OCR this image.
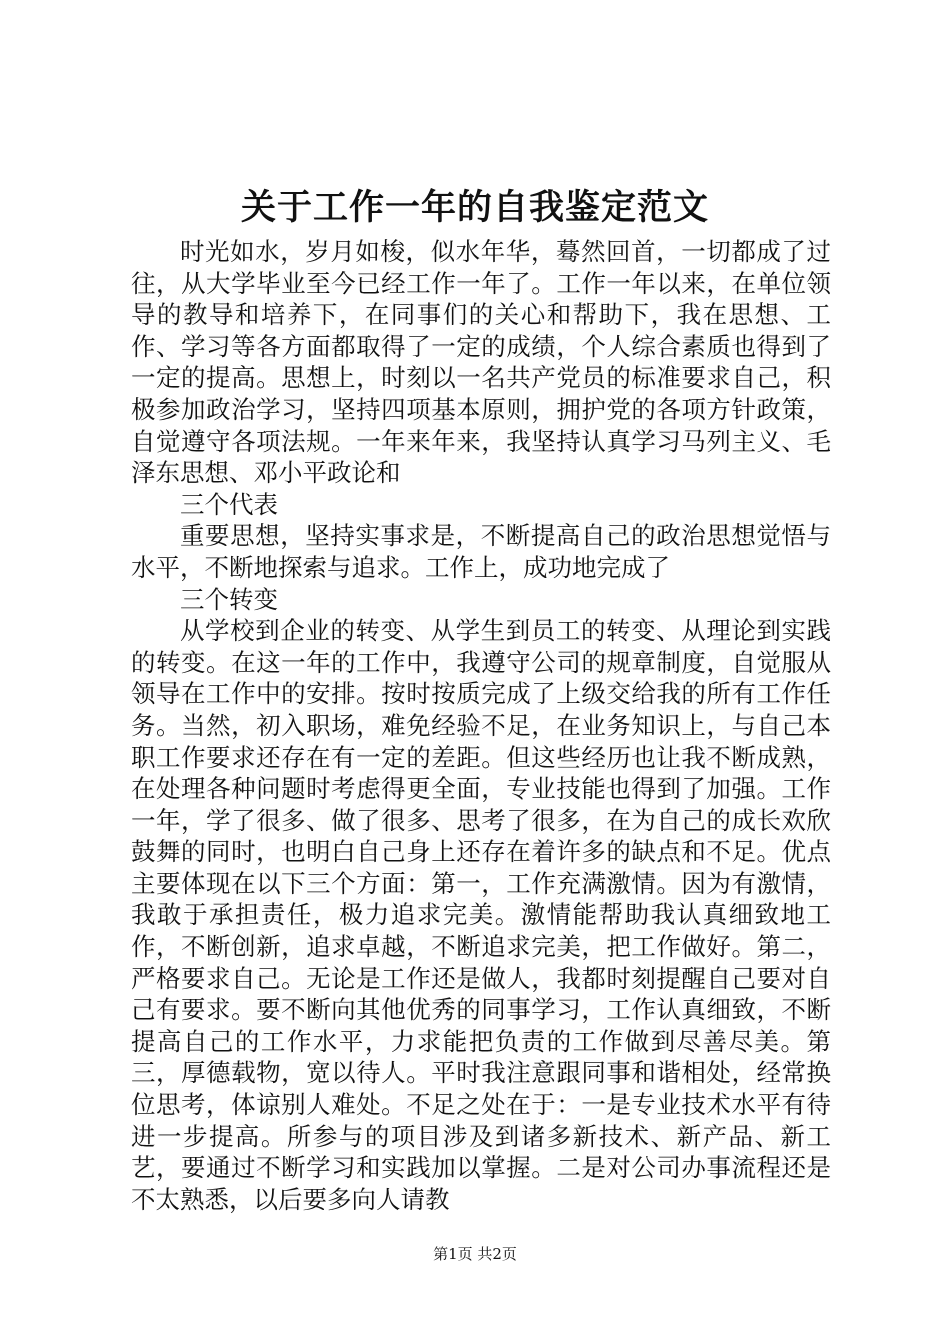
关于工作一年的自我鉴定范文

时光如水，岁月如梭，似水年华，蓦然回首，一切都成了过往，从大学毕业至今已经工作一年了。工作一年以来，在单位领导的教导和培养下，在同事们的关心和帮助下，我在思想、工作、学习等各方面都取得了一定的成绩，个人综合素质也得到了一定的提高。思想上，时刻以一名共产党员的标准要求自己，积极参加政治学习，坚持四项基本原则，拥护党的各项方针政策，自觉遵守各项法规。一年来年来，我坚持认真学习马列主义、毛泽东思想、邓小平政论和

三个代表

重要思想，坚持实事求是，不断提高自己的政治思想觉悟与水平，不断地探索与追求。工作上，成功地完成了

三个转变

从学校到企业的转变、从学生到员工的转变、从理论到实践的转变。在这一年的工作中，我遵守公司的规章制度，自觉服从领导在工作中的安排。按时按质完成了上级交给我的所有工作任务。当然，初入职场，难免经验不足，在业务知识上，与自己本职工作要求还存在有一定的差距。但这些经历也让我不断成熟，在处理各种问题时考虑得更全面，专业技能也得到了加强。工作一年，学了很多、做了很多、思考了很多，在为自己的成长欢欣鼓舞的同时，也明白自己身上还存在着许多的缺点和不足。优点主要体现在以下三个方面：第一，工作充满激情。因为有激情，我敢于承担责任，极力追求完美。激情能帮助我认真细致地工作，不断创新，追求卓越，不断追求完美，把工作做好。第二，严格要求自己。无论是工作还是做人，我都时刻提醒自己要对自己有要求。要不断向其他优秀的同事学习，工作认真细致，不断提高自己的工作水平，力求能把负责的工作做到尽善尽美。第三，厚德载物，宽以待人。平时我注意跟同事和谐相处，经常换位思考，体谅别人难处。不足之处在于：一是专业技术水平有待进一步提高。所参与的项目涉及到诸多新技术、新产品、新工艺，要通过不断学习和实践加以掌握。二是对公司办事流程还是不太熟悉，以后要多向人请教

第1页 共2页
